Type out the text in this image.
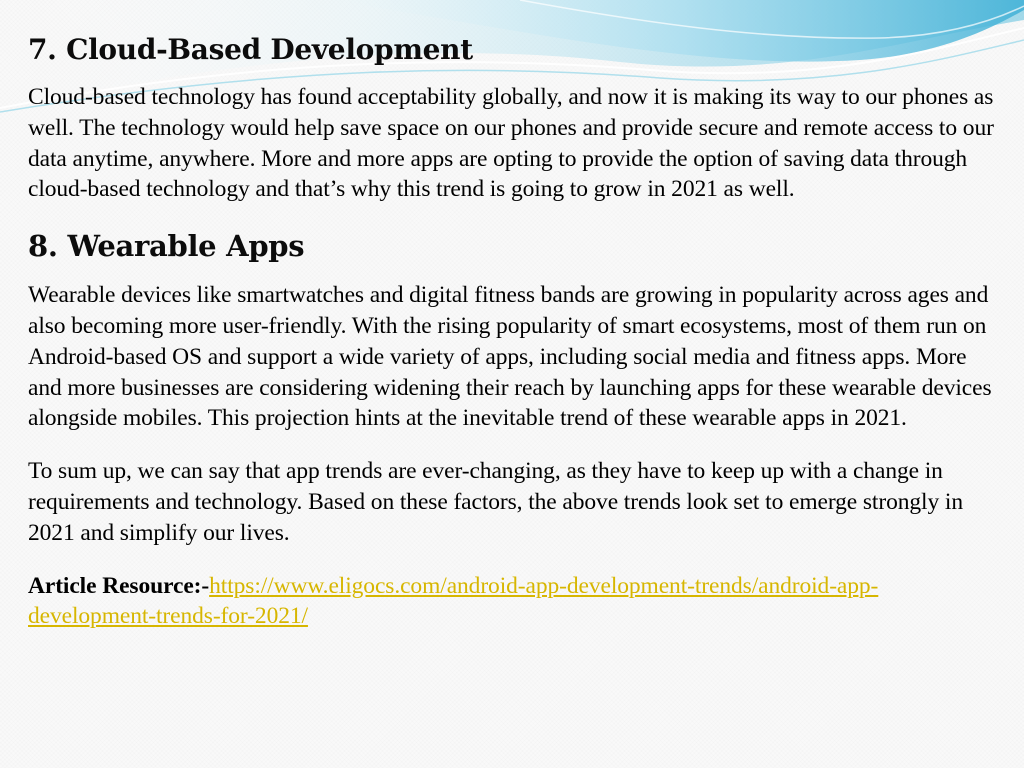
7. Cloud-Based Development

Cloud-based technology has found acceptability globally, and now it is making its way to our phones as well. The technology would help save space on our phones and provide secure and remote access to our data anytime, anywhere. More and more apps are opting to provide the option of saving data through cloud-based technology and that’s why this trend is going to grow in 2021 as well.

8. Wearable Apps

Wearable devices like smartwatches and digital fitness bands are growing in popularity across ages and also becoming more user-friendly. With the rising popularity of smart ecosystems, most of them run on Android-based OS and support a wide variety of apps, including social media and fitness apps. More and more businesses are considering widening their reach by launching apps for these wearable devices alongside mobiles. This projection hints at the inevitable trend of these wearable apps in 2021.

To sum up, we can say that app trends are ever-changing, as they have to keep up with a change in requirements and technology. Based on these factors, the above trends look set to emerge strongly in 2021 and simplify our lives.

Article Resource:-https://www.eligocs.com/android-app-development-trends/android-app-development-trends-for-2021/
